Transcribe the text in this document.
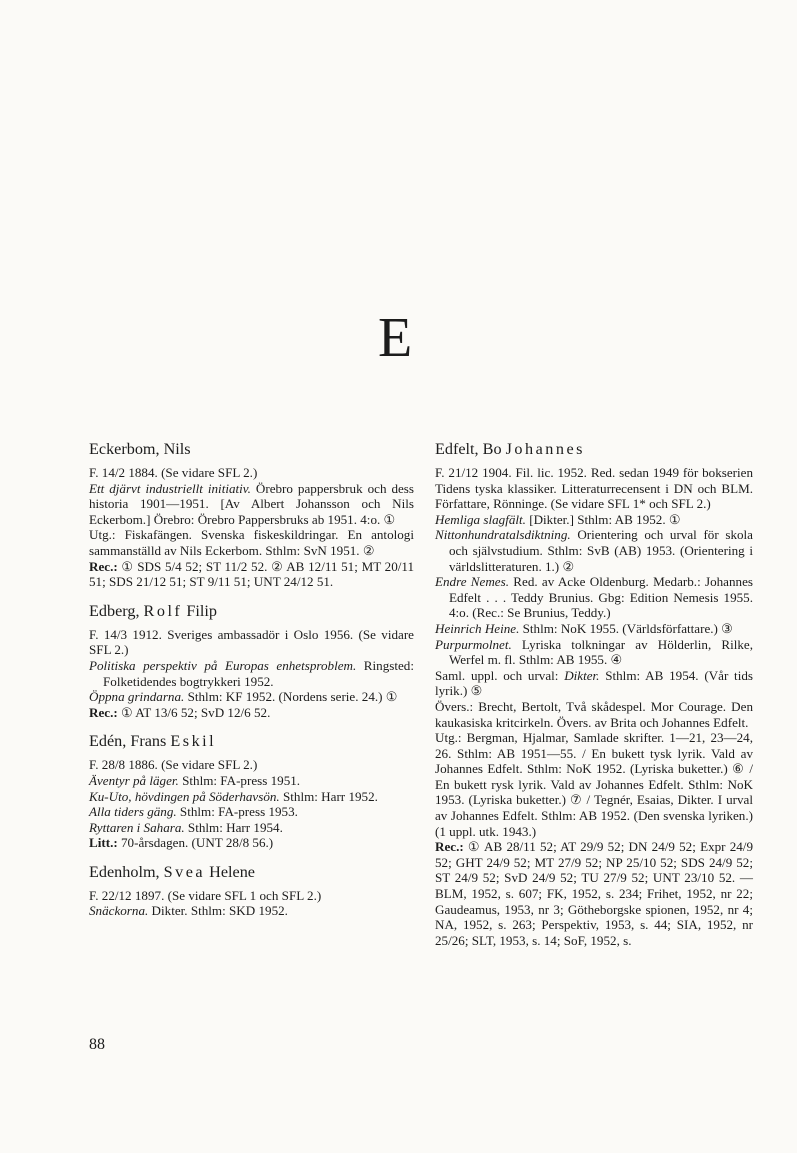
E
Eckerbom, Nils

F. 14/2 1884. (Se vidare SFL 2.)

Ett djärvt industriellt initiativ. Örebro pappersbruk och dess historia 1901—1951. [Av Albert Johansson och Nils Eckerbom.] Örebro: Örebro Pappersbruks ab 1951. 4:o. ①

Utg.: Fiskafängen. Svenska fiskeskildringar. En antologi sammanställd av Nils Eckerbom. Sthlm: SvN 1951. ②

Rec.: ① SDS 5/4 52; ST 11/2 52. ② AB 12/11 51; MT 20/11 51; SDS 21/12 51; ST 9/11 51; UNT 24/12 51.

Edberg, Rolf Filip

F. 14/3 1912. Sveriges ambassadör i Oslo 1956. (Se vidare SFL 2.)

Politiska perspektiv på Europas enhetsproblem. Ringsted: Folketidendes bogtrykkeri 1952.

Öppna grindarna. Sthlm: KF 1952. (Nordens serie. 24.) ①

Rec.: ① AT 13/6 52; SvD 12/6 52.

Edén, Frans Eskil

F. 28/8 1886. (Se vidare SFL 2.)

Äventyr på läger. Sthlm: FA-press 1951.

Ku-Uto, hövdingen på Söderhavsön. Sthlm: Harr 1952.

Alla tiders gäng. Sthlm: FA-press 1953.

Ryttaren i Sahara. Sthlm: Harr 1954.

Litt.: 70-årsdagen. (UNT 28/8 56.)

Edenholm, Svea Helene

F. 22/12 1897. (Se vidare SFL 1 och SFL 2.)

Snäckorna. Dikter. Sthlm: SKD 1952.

Edfelt, Bo Johannes

F. 21/12 1904. Fil. lic. 1952. Red. sedan 1949 för bokserien Tidens tyska klassiker. Litteraturrecensent i DN och BLM. Författare, Rönninge. (Se vidare SFL 1* och SFL 2.)

Hemliga slagfält. [Dikter.] Sthlm: AB 1952. ①

Nittonhundratalsdiktning. Orientering och urval för skola och självstudium. Sthlm: SvB (AB) 1953. (Orientering i världslitteraturen. 1.) ②

Endre Nemes. Red. av Acke Oldenburg. Medarb.: Johannes Edfelt . . . Teddy Brunius. Gbg: Edition Nemesis 1955. 4:o. (Rec.: Se Brunius, Teddy.)

Heinrich Heine. Sthlm: NoK 1955. (Världsförfattare.) ③

Purpurmolnet. Lyriska tolkningar av Hölderlin, Rilke, Werfel m. fl. Sthlm: AB 1955. ④

Saml. uppl. och urval: Dikter. Sthlm: AB 1954. (Vår tids lyrik.) ⑤

Övers.: Brecht, Bertolt, Två skådespel. Mor Courage. Den kaukasiska kritcirkeln. Övers. av Brita och Johannes Edfelt.

Utg.: Bergman, Hjalmar, Samlade skrifter. 1—21, 23—24, 26. Sthlm: AB 1951—55. / En bukett tysk lyrik. Vald av Johannes Edfelt. Sthlm: NoK 1952. (Lyriska buketter.) ⑥ / En bukett rysk lyrik. Vald av Johannes Edfelt. Sthlm: NoK 1953. (Lyriska buketter.) ⑦ / Tegnér, Esaias, Dikter. I urval av Johannes Edfelt. Sthlm: AB 1952. (Den svenska lyriken.) (1 uppl. utk. 1943.)

Rec.: ① AB 28/11 52; AT 29/9 52; DN 24/9 52; Expr 24/9 52; GHT 24/9 52; MT 27/9 52; NP 25/10 52; SDS 24/9 52; ST 24/9 52; SvD 24/9 52; TU 27/9 52; UNT 23/10 52. — BLM, 1952, s. 607; FK, 1952, s. 234; Frihet, 1952, nr 22; Gaudeamus, 1953, nr 3; Götheborgske spionen, 1952, nr 4; NA, 1952, s. 263; Perspektiv, 1953, s. 44; SIA, 1952, nr 25/26; SLT, 1953, s. 14; SoF, 1952, s.

88
